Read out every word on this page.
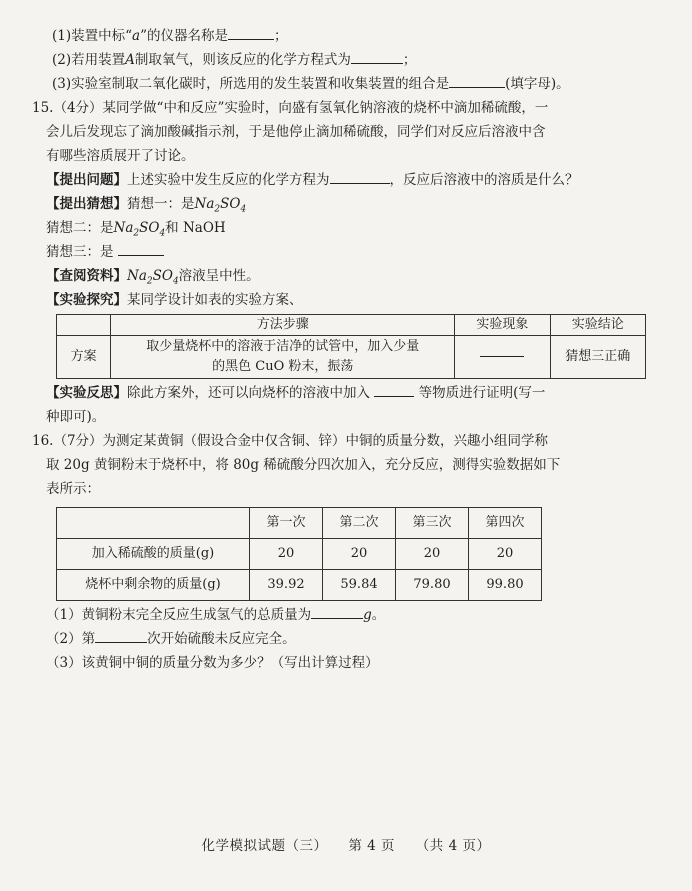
(1)装置中标“a”的仪器名称是	；
(2)若用装置A制取氧气，则该反应的化学方程式为	；
(3)实验室制取二氧化碳时，所选用的发生装置和收集装置的组合是	(填字母)。
15.（4分）某同学做“中和反应”实验时，向盛有氢氧化钠溶液的烧杯中滴加稀硫酸，一
会儿后发现忘了滴加酸碱指示剂，于是他停止滴加稀硫酸，同学们对反应后溶液中含
有哪些溶质展开了讨论。
【提出问题】上述实验中发生反应的化学方程为	，反应后溶液中的溶质是什么？
【提出猜想】猜想一：是$Na_2SO_4$
猜想二：是$Na_2SO_4$和 NaOH
猜想三：是
【查阅资料】$Na_2SO_4$溶液呈中性。
【实验探究】某同学设计如表的实验方案、
	方法步骤	实验现象	实验结论
方案	取少量烧杯中的溶液于洁净的试管中，加入少量
的黑色 CuO 粉末，振荡		猜想三正确
【实验反思】除此方案外，还可以向烧杯的溶液中加入	等物质进行证明(写一
种即可)。
16.（7分）为测定某黄铜（假设合金中仅含铜、锌）中铜的质量分数，兴趣小组同学称
取 20g 黄铜粉末于烧杯中，将 80g 稀硫酸分四次加入，充分反应，测得实验数据如下
表所示：
	第一次	第二次	第三次	第四次
加入稀硫酸的质量(g)	20	20	20	20
烧杯中剩余物的质量(g)	39.92	59.84	79.80	99.80
（1）黄铜粉末完全反应生成氢气的总质量为	g。
（2）第	次开始硫酸未反应完全。
（3）该黄铜中铜的质量分数为多少？（写出计算过程）
化学模拟试题（三） 第 4 页 （共 4 页）
